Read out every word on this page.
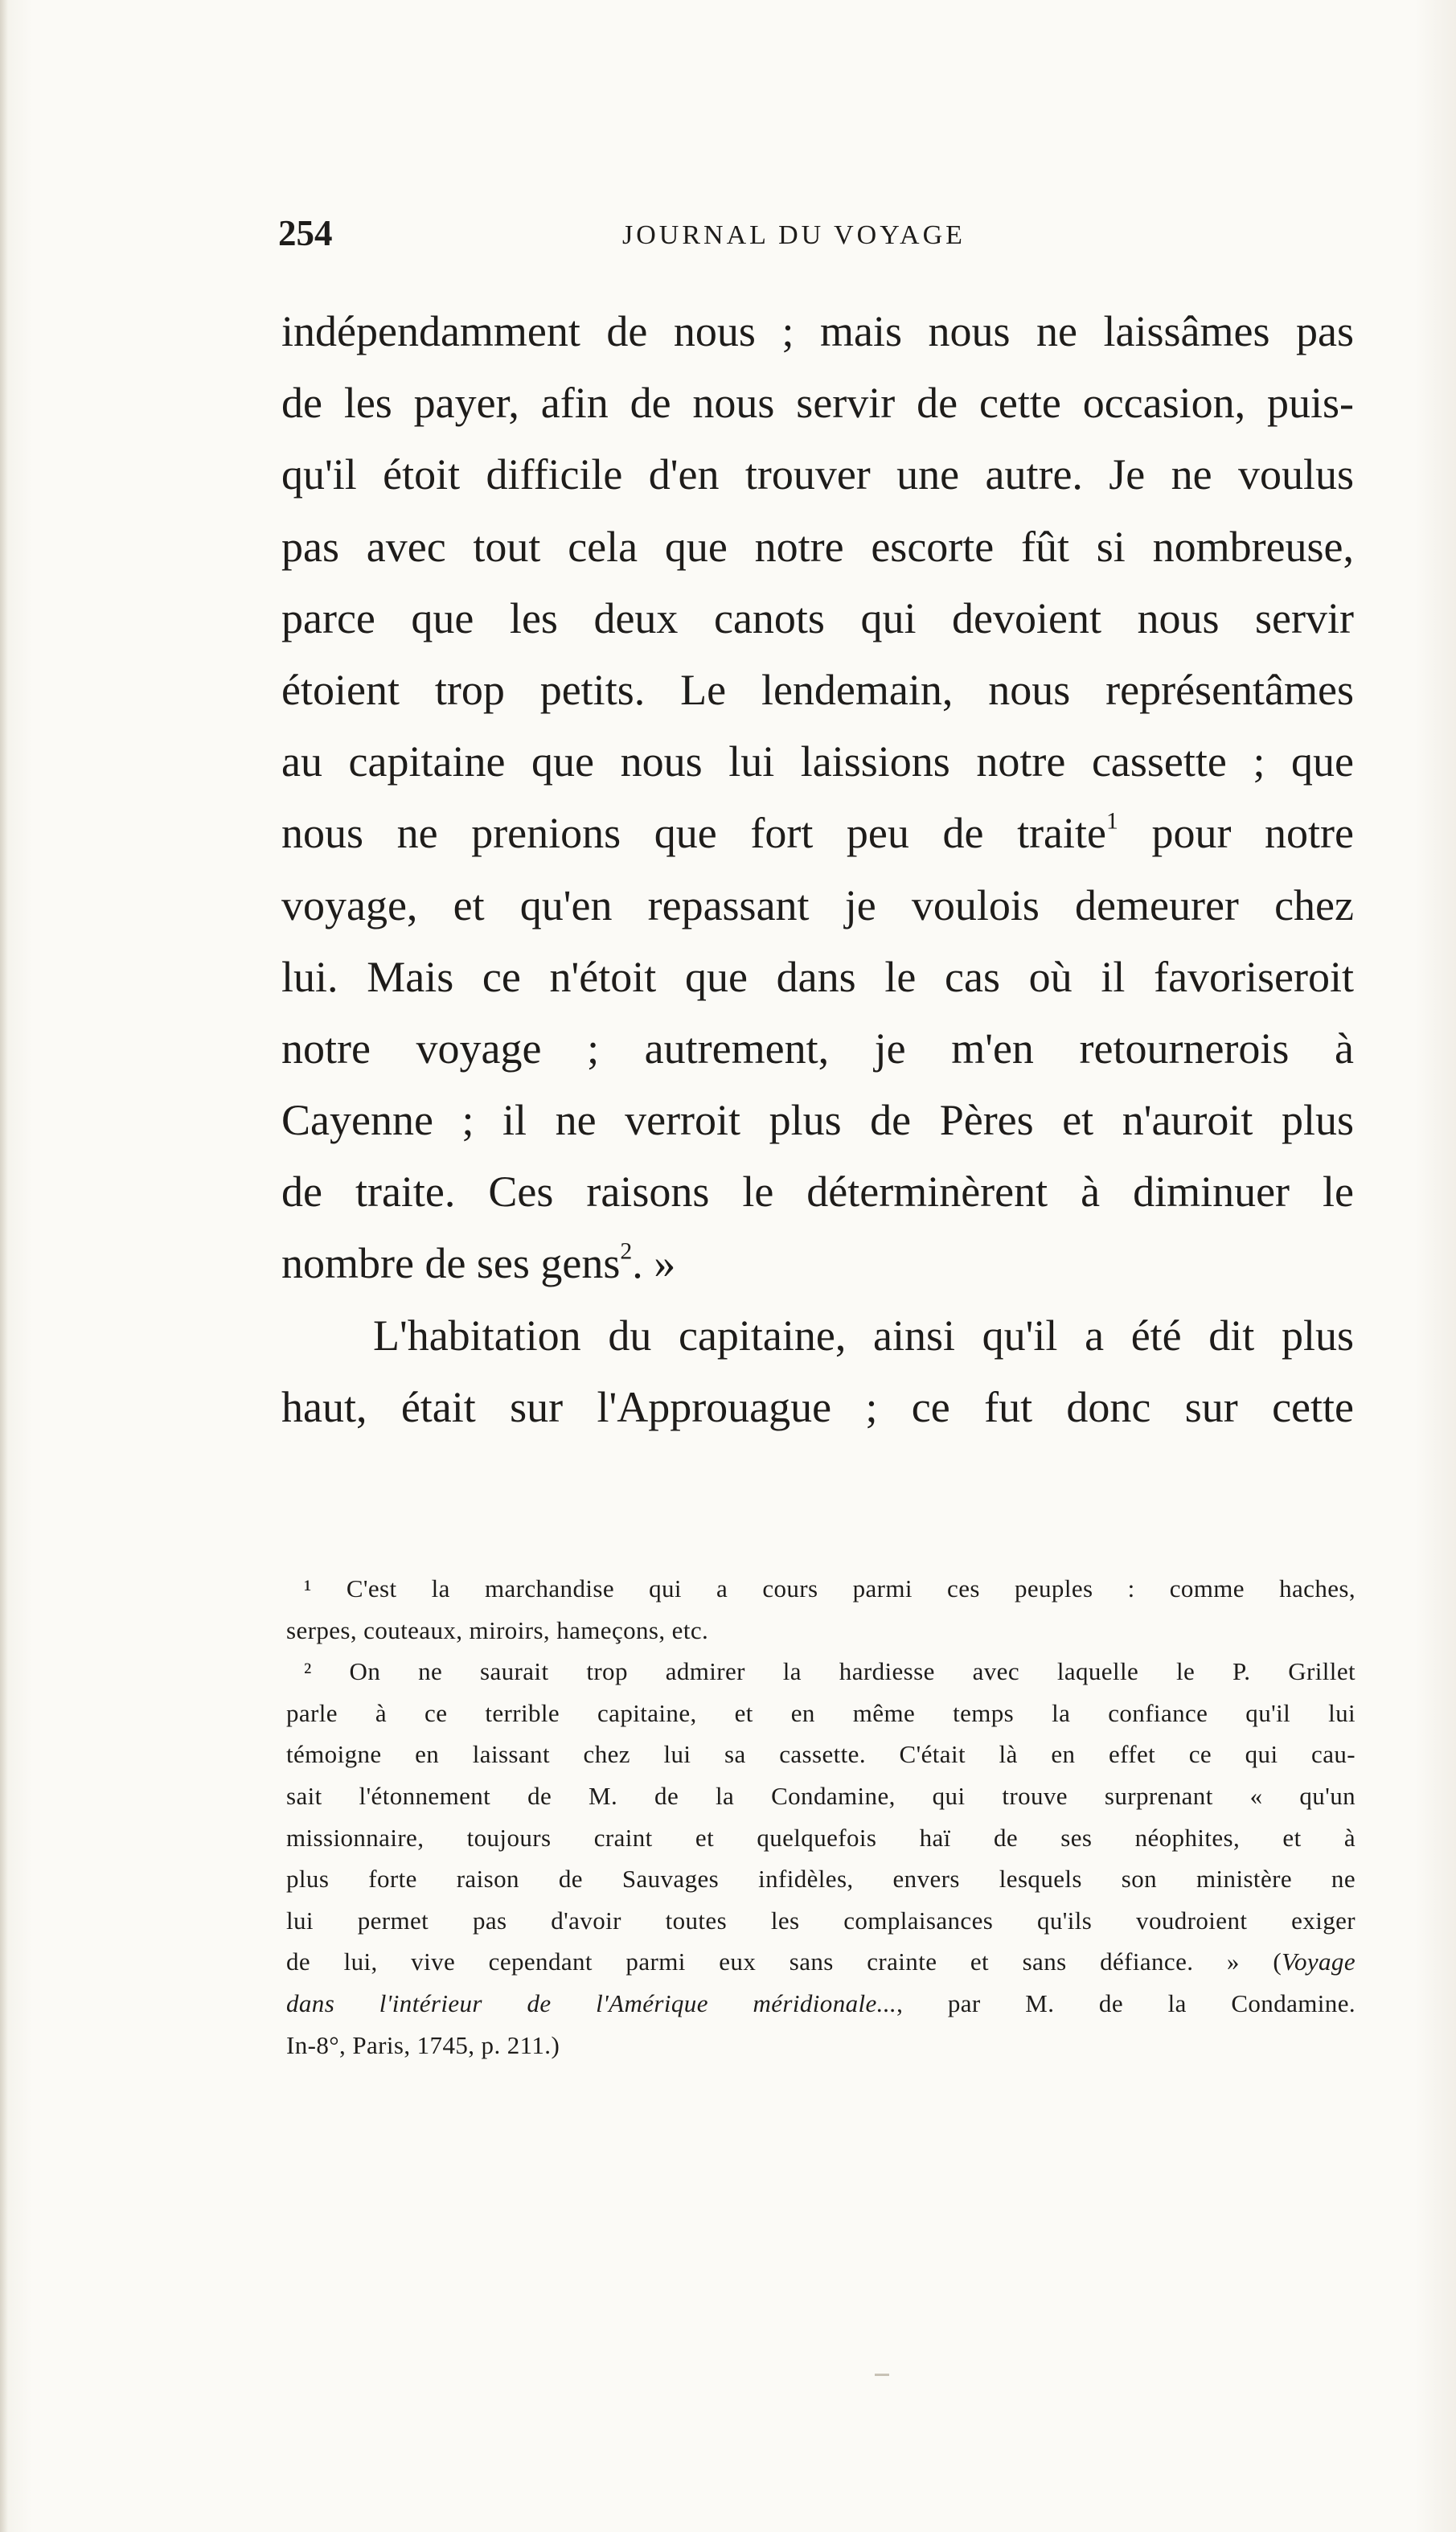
254	JOURNAL DU VOYAGE
indépendamment de nous ; mais nous ne laissâmes pas
de les payer, afin de nous servir de cette occasion, puis-
qu'il étoit difficile d'en trouver une autre. Je ne voulus
pas avec tout cela que notre escorte fût si nombreuse,
parce que les deux canots qui devoient nous servir
étoient trop petits. Le lendemain, nous représentâmes
au capitaine que nous lui laissions notre cassette ; que
nous ne prenions que fort peu de traite$^1$ pour notre
voyage, et qu'en repassant je voulois demeurer chez
lui. Mais ce n'étoit que dans le cas où il favoriseroit
notre voyage ; autrement, je m'en retournerois à
Cayenne ; il ne verroit plus de Pères et n'auroit plus
de traite. Ces raisons le déterminèrent à diminuer le
nombre de ses gens$^2$. »
L'habitation du capitaine, ainsi qu'il a été dit plus
haut, était sur l'Approuague ; ce fut donc sur cette
¹ C'est la marchandise qui a cours parmi ces peuples : comme haches,
serpes, couteaux, miroirs, hameçons, etc.
² On ne saurait trop admirer la hardiesse avec laquelle le P. Grillet
parle à ce terrible capitaine, et en même temps la confiance qu'il lui
témoigne en laissant chez lui sa cassette. C'était là en effet ce qui cau-
sait l'étonnement de M. de la Condamine, qui trouve surprenant « qu'un
missionnaire, toujours craint et quelquefois haï de ses néophites, et à
plus forte raison de Sauvages infidèles, envers lesquels son ministère ne
lui permet pas d'avoir toutes les complaisances qu'ils voudroient exiger
de lui, vive cependant parmi eux sans crainte et sans défiance. » (Voyage
dans l'intérieur de l'Amérique méridionale..., par M. de la Condamine.
In-8°, Paris, 1745, p. 211.)
